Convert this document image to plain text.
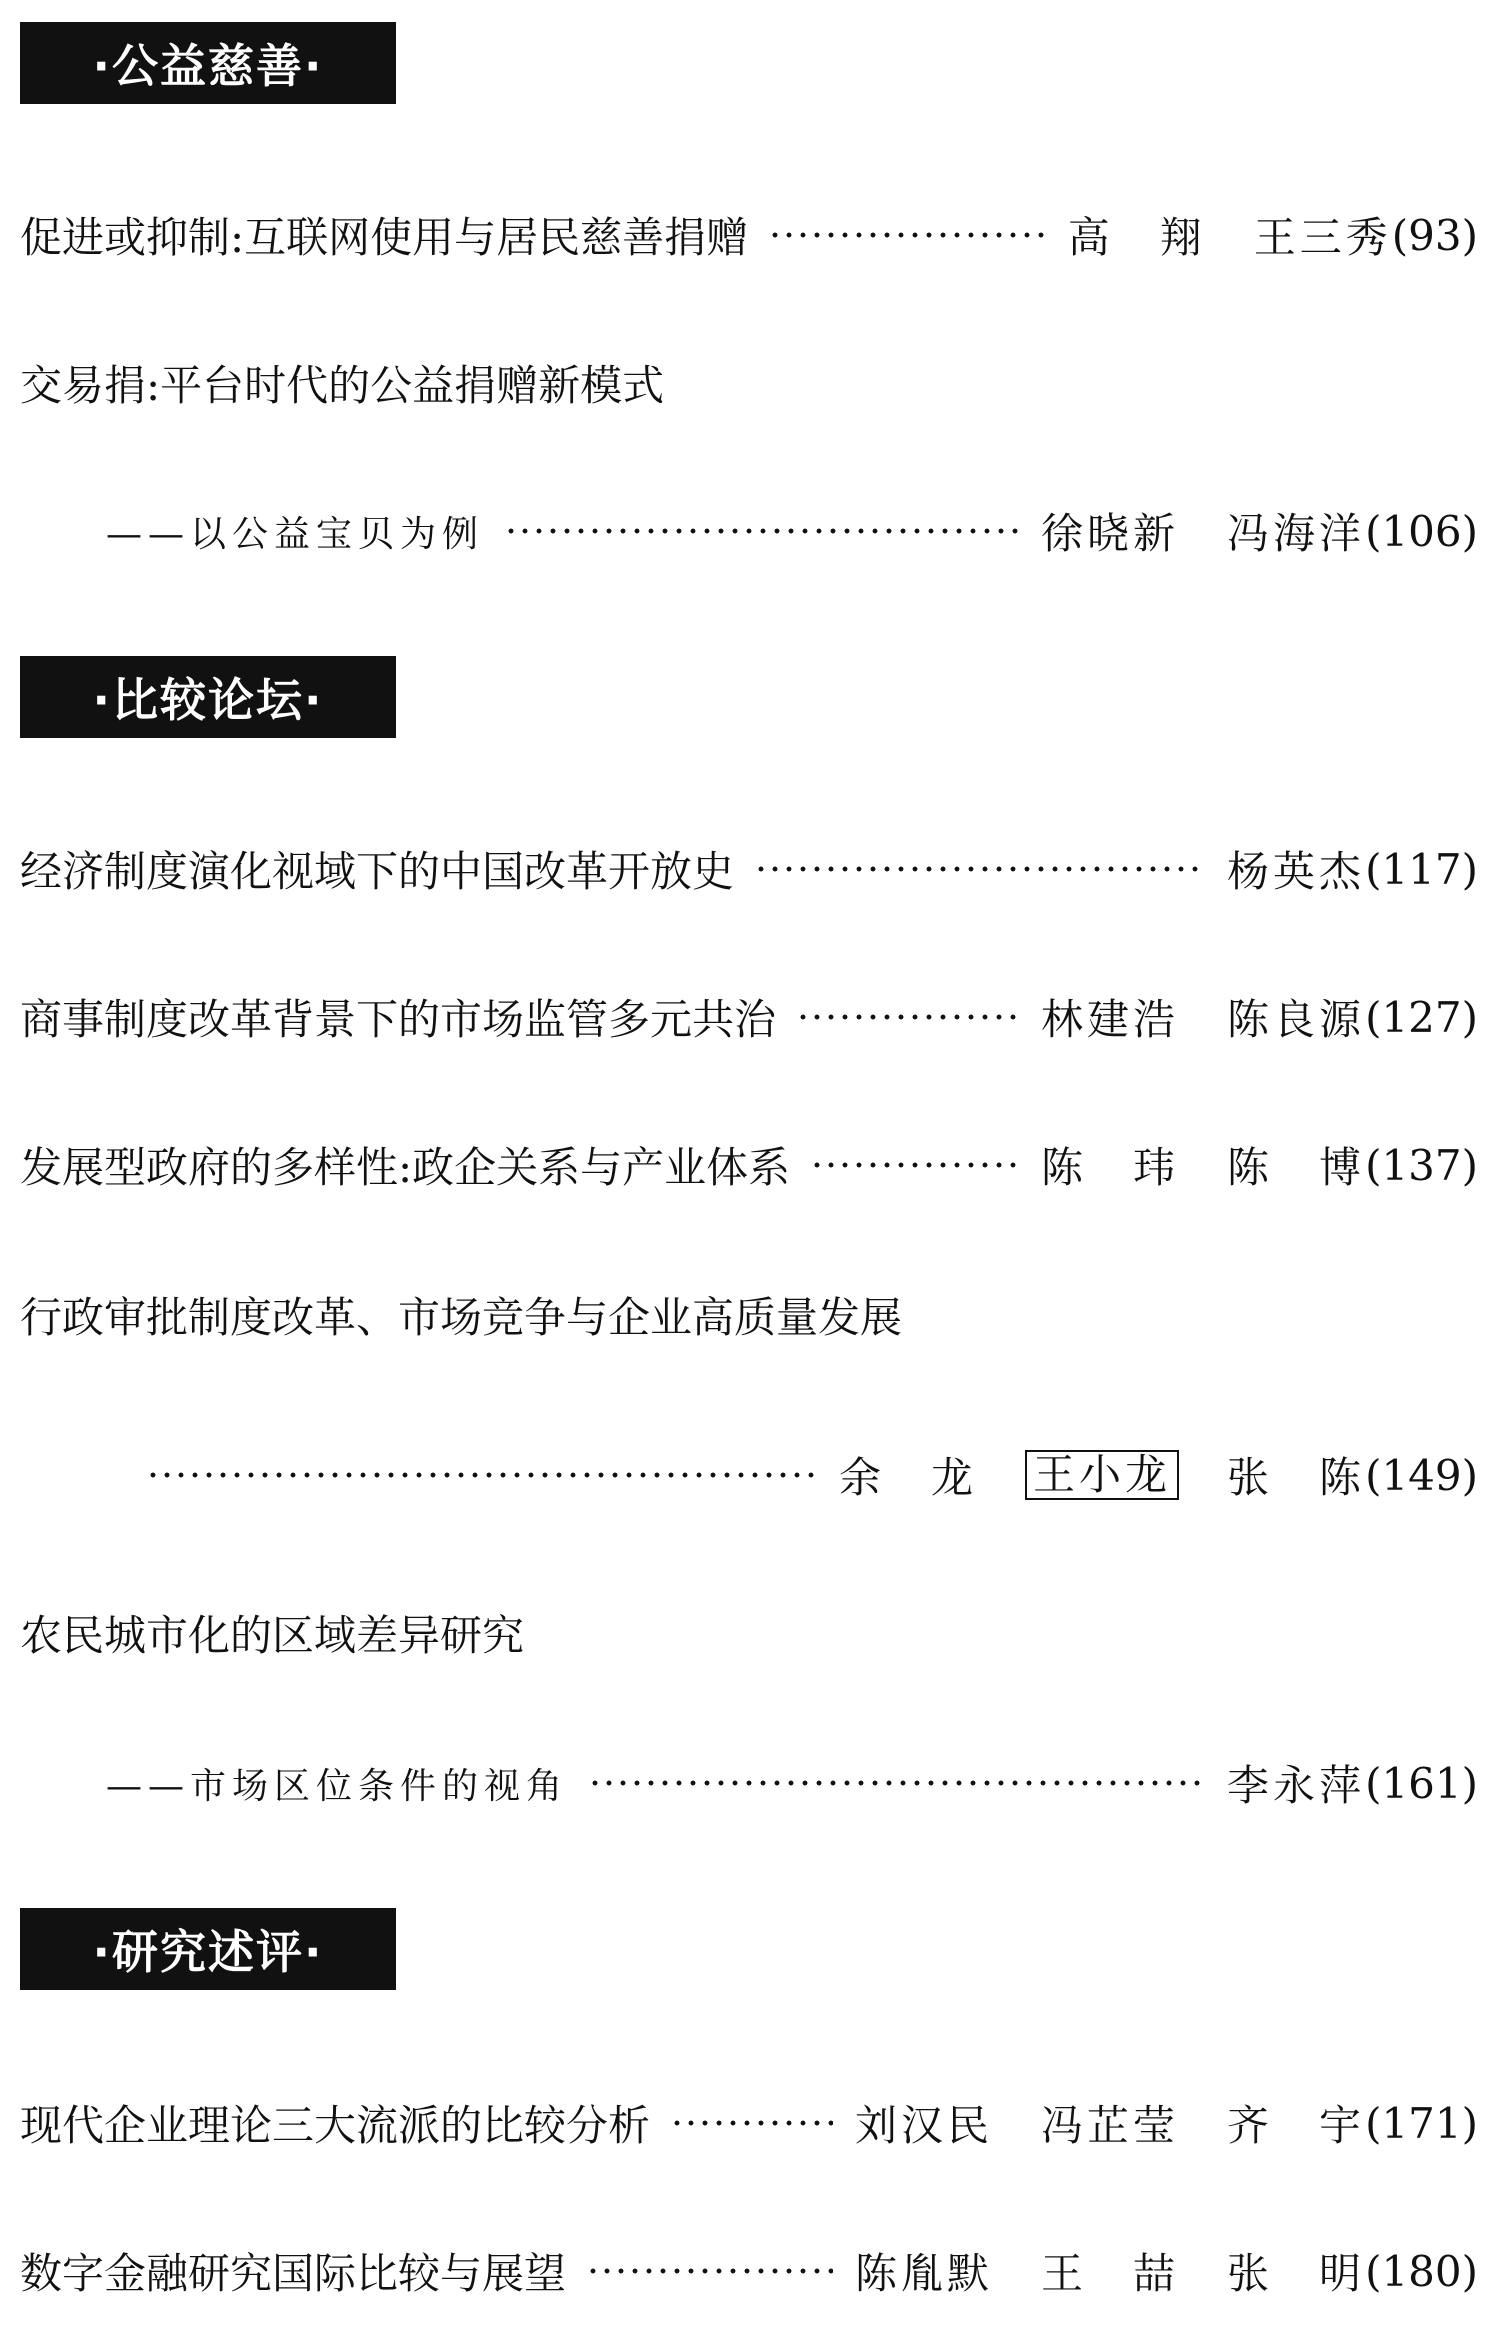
·公益慈善·
促进或抑制:互联网使用与居民慈善捐赠	高　翔 王三秀 (93)
交易捐:平台时代的公益捐赠新模式
——以公益宝贝为例	徐晓新 冯海洋 (106)
·比较论坛·
经济制度演化视域下的中国改革开放史	杨英杰 (117)
商事制度改革背景下的市场监管多元共治	林建浩 陈良源 (127)
发展型政府的多样性:政企关系与产业体系	陈　玮 陈　博 (137)
行政审批制度改革、市场竞争与企业高质量发展
余　龙 王小龙 张　陈 (149)
农民城市化的区域差异研究
——市场区位条件的视角	李永萍 (161)
·研究述评·
现代企业理论三大流派的比较分析	刘汉民 冯芷莹 齐　宇 (171)
数字金融研究国际比较与展望	陈胤默 王　喆 张　明 (180)
